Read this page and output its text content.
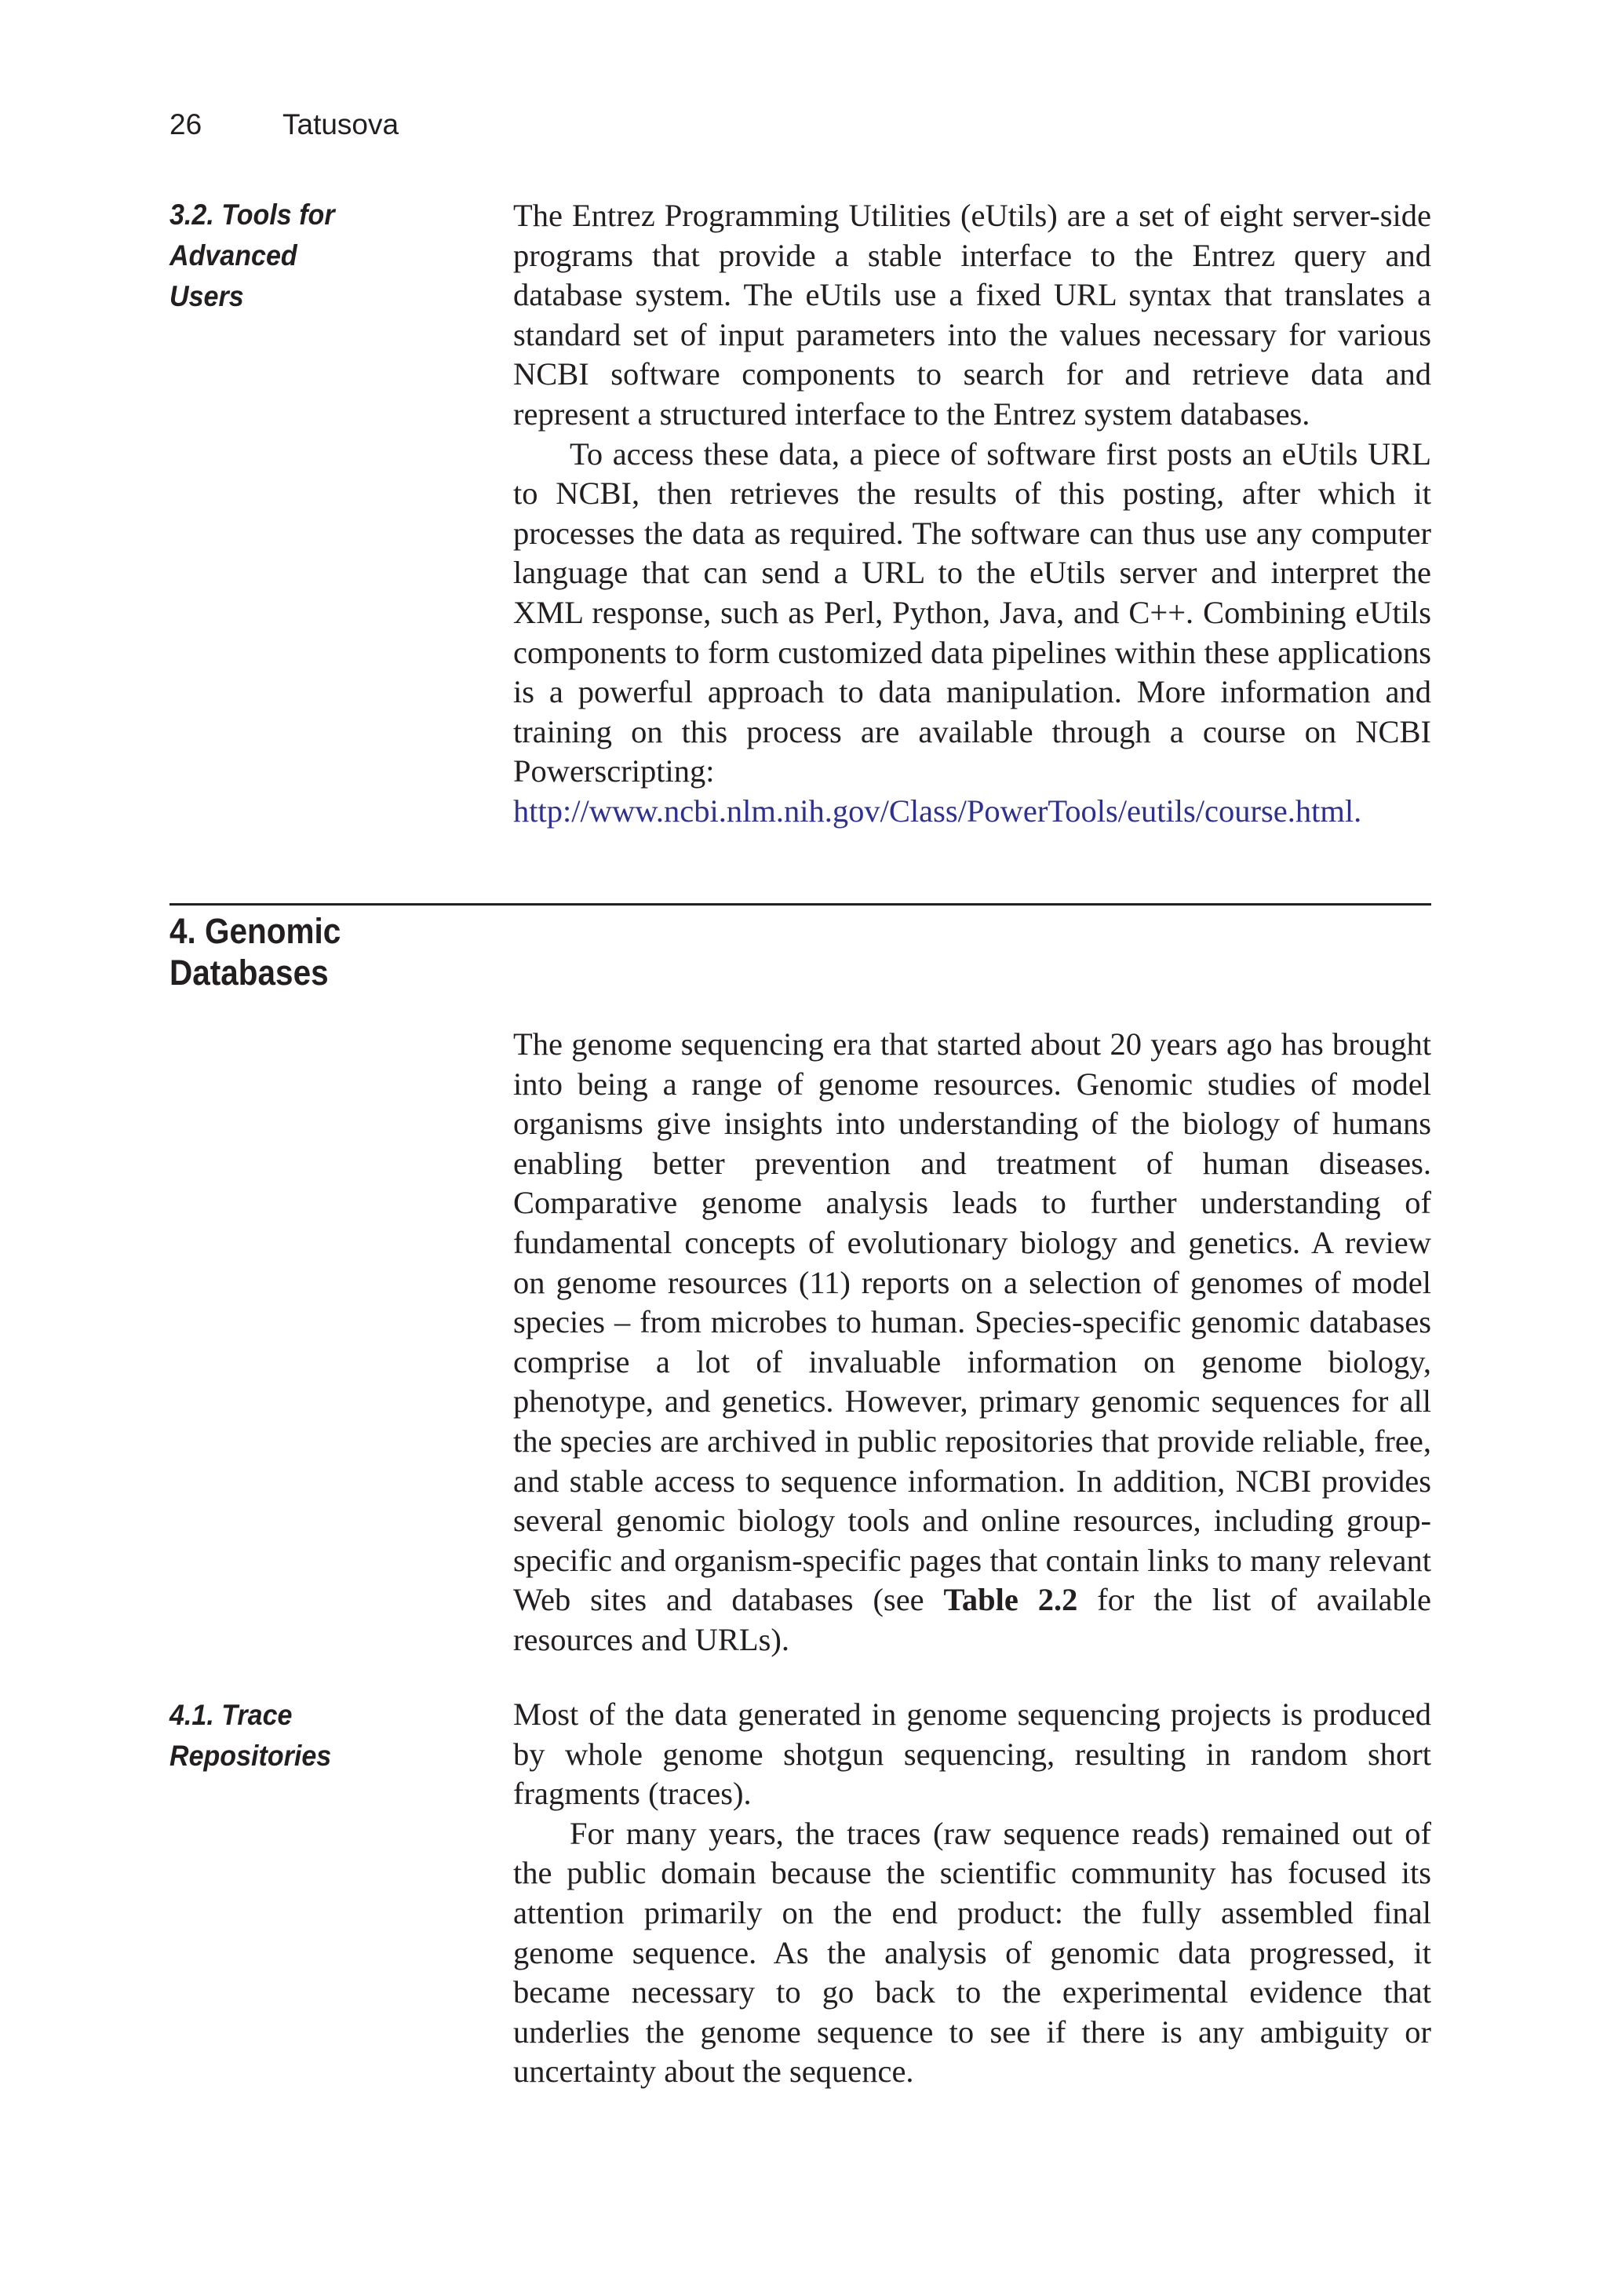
26	Tatusova
3.2. Tools for Advanced
Users

The Entrez Programming Utilities (eUtils) are a set of eight server-side programs that provide a stable interface to the Entrez query and database system. The eUtils use a fixed URL syntax that translates a standard set of input parameters into the values necessary for various NCBI software components to search for and retrieve data and represent a structured interface to the Entrez system databases.

To access these data, a piece of software first posts an eUtils URL to NCBI, then retrieves the results of this posting, after which it processes the data as required. The software can thus use any computer language that can send a URL to the eUtils server and interpret the XML response, such as Perl, Python, Java, and C++. Combining eUtils components to form customized data pipelines within these applications is a powerful approach to data manipulation. More information and training on this process are available through a course on NCBI Powerscripting: http://www.ncbi.nlm.nih.gov/Class/PowerTools/eutils/course.html.

4. Genomic
Databases

The genome sequencing era that started about 20 years ago has brought into being a range of genome resources. Genomic studies of model organisms give insights into understanding of the biology of humans enabling better prevention and treatment of human diseases. Comparative genome analysis leads to further understanding of fundamental concepts of evolutionary biology and genetics. A review on genome resources (11) reports on a selection of genomes of model species – from microbes to human. Species-specific genomic databases comprise a lot of invaluable information on genome biology, phenotype, and genetics. However, primary genomic sequences for all the species are archived in public repositories that provide reliable, free, and stable access to sequence information. In addition, NCBI provides several genomic biology tools and online resources, including group-specific and organism-specific pages that contain links to many relevant Web sites and databases (see Table 2.2 for the list of available resources and URLs).

4.1. Trace Repositories

Most of the data generated in genome sequencing projects is produced by whole genome shotgun sequencing, resulting in random short fragments (traces).

For many years, the traces (raw sequence reads) remained out of the public domain because the scientific community has focused its attention primarily on the end product: the fully assembled final genome sequence. As the analysis of genomic data progressed, it became necessary to go back to the experimental evidence that underlies the genome sequence to see if there is any ambiguity or uncertainty about the sequence.
